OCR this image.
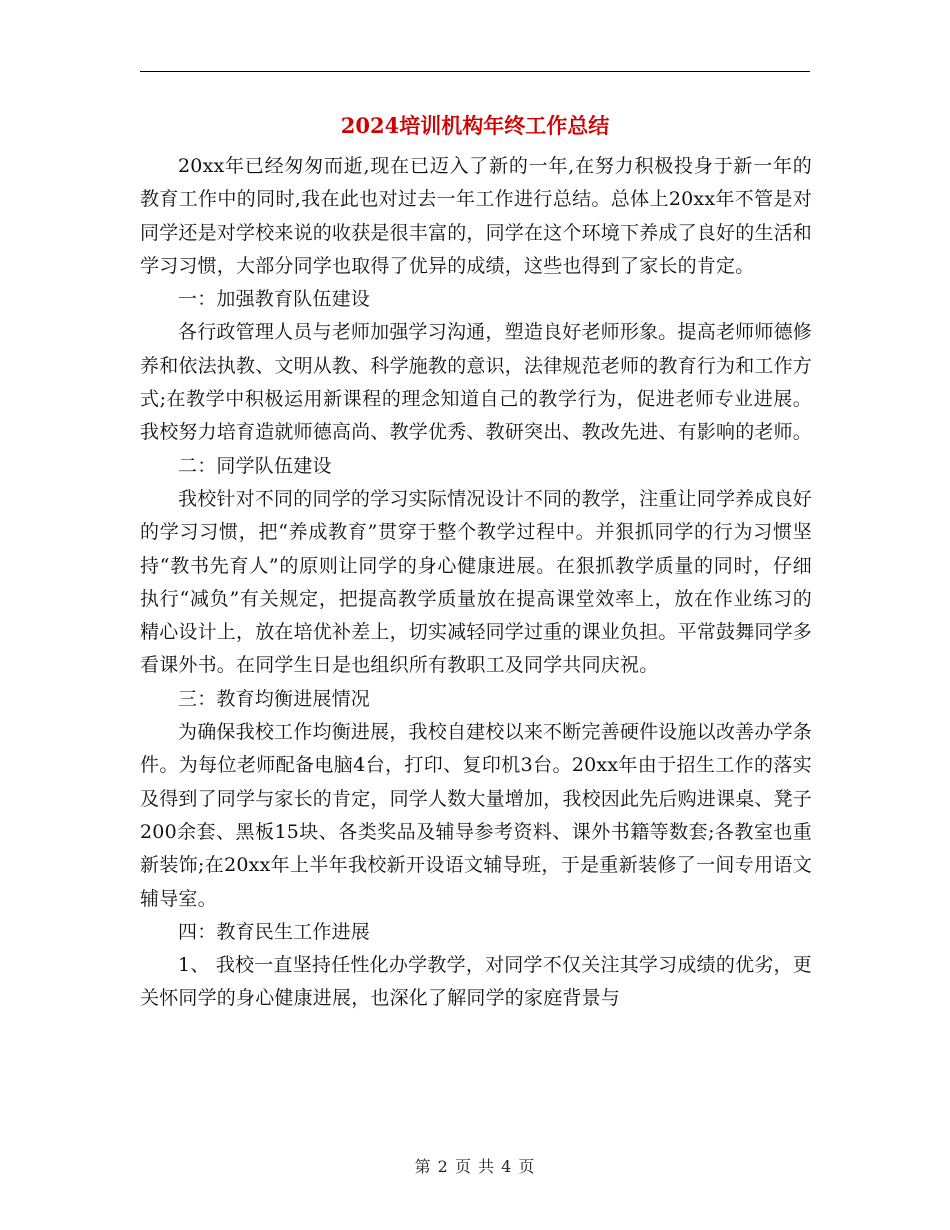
2024培训机构年终工作总结

20xx年已经匆匆而逝,现在已迈入了新的一年,在努力积极投身于新一年的教育工作中的同时,我在此也对过去一年工作进行总结。总体上20xx年不管是对同学还是对学校来说的收获是很丰富的，同学在这个环境下养成了良好的生活和学习习惯，大部分同学也取得了优异的成绩，这些也得到了家长的肯定。

一：加强教育队伍建设

各行政管理人员与老师加强学习沟通，塑造良好老师形象。提高老师师德修养和依法执教、文明从教、科学施教的意识，法律规范老师的教育行为和工作方式;在教学中积极运用新课程的理念知道自己的教学行为，促进老师专业进展。我校努力培育造就师德高尚、教学优秀、教研突出、教改先进、有影响的老师。

二：同学队伍建设

我校针对不同的同学的学习实际情况设计不同的教学，注重让同学养成良好的学习习惯，把“养成教育”贯穿于整个教学过程中。并狠抓同学的行为习惯坚持“教书先育人”的原则让同学的身心健康进展。在狠抓教学质量的同时，仔细执行“减负”有关规定，把提高教学质量放在提高课堂效率上，放在作业练习的精心设计上，放在培优补差上，切实减轻同学过重的课业负担。平常鼓舞同学多看课外书。在同学生日是也组织所有教职工及同学共同庆祝。

三：教育均衡进展情况

为确保我校工作均衡进展，我校自建校以来不断完善硬件设施以改善办学条件。为每位老师配备电脑4台，打印、复印机3台。20xx年由于招生工作的落实及得到了同学与家长的肯定，同学人数大量增加，我校因此先后购进课桌、凳子200余套、黑板15块、各类奖品及辅导参考资料、课外书籍等数套;各教室也重新装饰;在20xx年上半年我校新开设语文辅导班，于是重新装修了一间专用语文辅导室。

四：教育民生工作进展

1、 我校一直坚持任性化办学教学，对同学不仅关注其学习成绩的优劣，更关怀同学的身心健康进展，也深化了解同学的家庭背景与

第 2 页 共 4 页
